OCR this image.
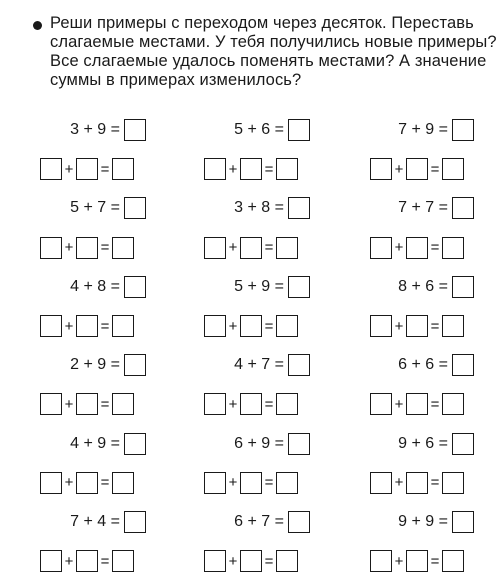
Реши примеры с переходом через десяток. Переставь
слагаемые местами. У тебя получились новые примеры?
Все слагаемые удалось поменять местами? А значение
суммы в примерах изменилось?
3 + 9 =
+ =
5 + 7 =
+ =
4 + 8 =
+ =
2 + 9 =
+ =
4 + 9 =
+ =
7 + 4 =
+ =
5 + 6 =
+ =
3 + 8 =
+ =
5 + 9 =
+ =
4 + 7 =
+ =
6 + 9 =
+ =
6 + 7 =
+ =
7 + 9 =
+ =
7 + 7 =
+ =
8 + 6 =
+ =
6 + 6 =
+ =
9 + 6 =
+ =
9 + 9 =
+ =
